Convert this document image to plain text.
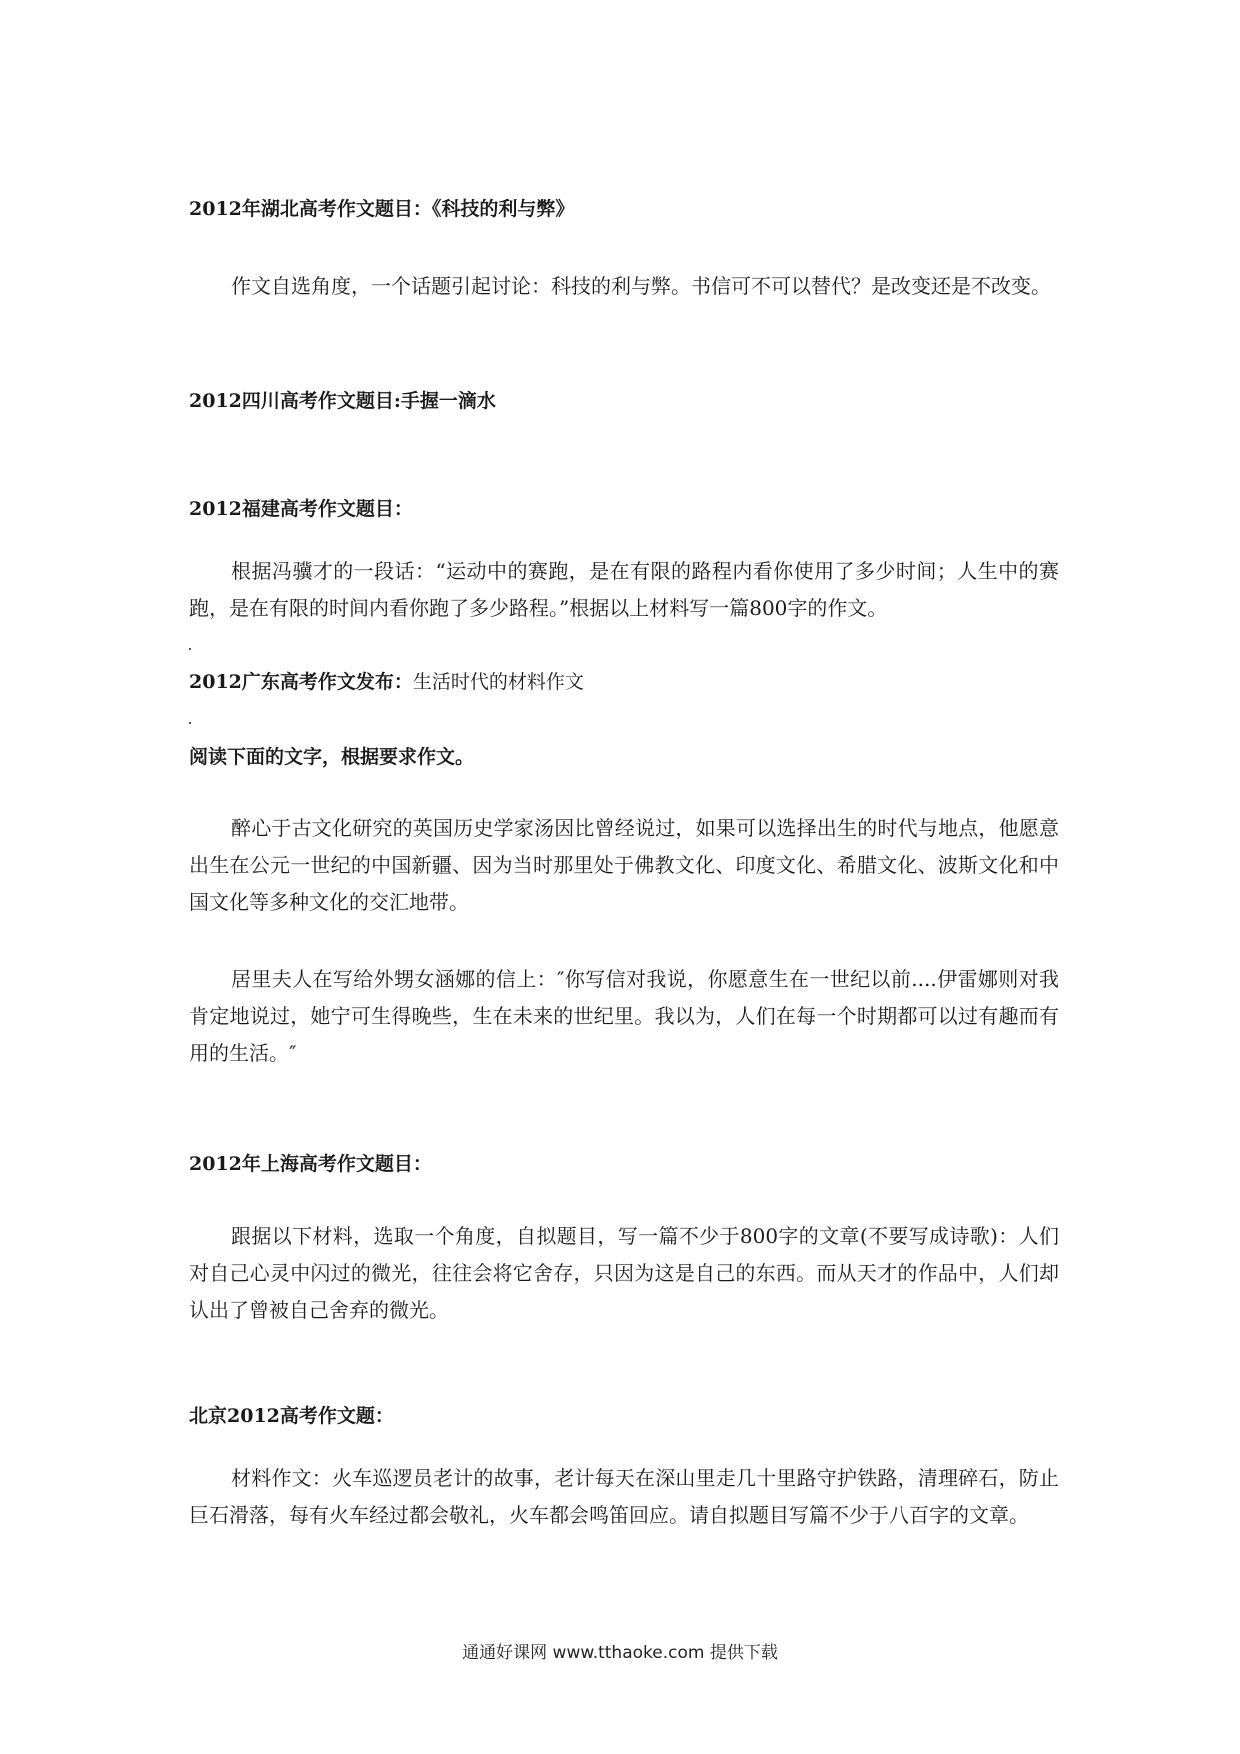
2012年湖北高考作文题目：《科技的利与弊》
作文自选角度，一个话题引起讨论：科技的利与弊。书信可不可以替代？是改变还是不改变。
2012四川高考作文题目:手握一滴水
2012福建高考作文题目：
根据冯骥才的一段话：“运动中的赛跑，是在有限的路程内看你使用了多少时间；人生中的赛跑，是在有限的时间内看你跑了多少路程。”根据以上材料写一篇800字的作文。
2012广东高考作文发布：生活时代的材料作文
阅读下面的文字，根据要求作文。
醉心于古文化研究的英国历史学家汤因比曾经说过，如果可以选择出生的时代与地点，他愿意出生在公元一世纪的中国新疆、因为当时那里处于佛教文化、印度文化、希腊文化、波斯文化和中国文化等多种文化的交汇地带。
居里夫人在写给外甥女涵娜的信上：″你写信对我说，你愿意生在一世纪以前....伊雷娜则对我肯定地说过，她宁可生得晚些，生在未来的世纪里。我以为，人们在每一个时期都可以过有趣而有用的生活。″
2012年上海高考作文题目：
跟据以下材料，选取一个角度，自拟题目，写一篇不少于800字的文章(不要写成诗歌)：人们对自己心灵中闪过的微光，往往会将它舍存，只因为这是自己的东西。而从天才的作品中，人们却认出了曾被自己舍弃的微光。
北京2012高考作文题：
材料作文：火车巡逻员老计的故事，老计每天在深山里走几十里路守护铁路，清理碎石，防止巨石滑落，每有火车经过都会敬礼，火车都会鸣笛回应。请自拟题目写篇不少于八百字的文章。
通通好课网 www.tthaoke.com 提供下载
